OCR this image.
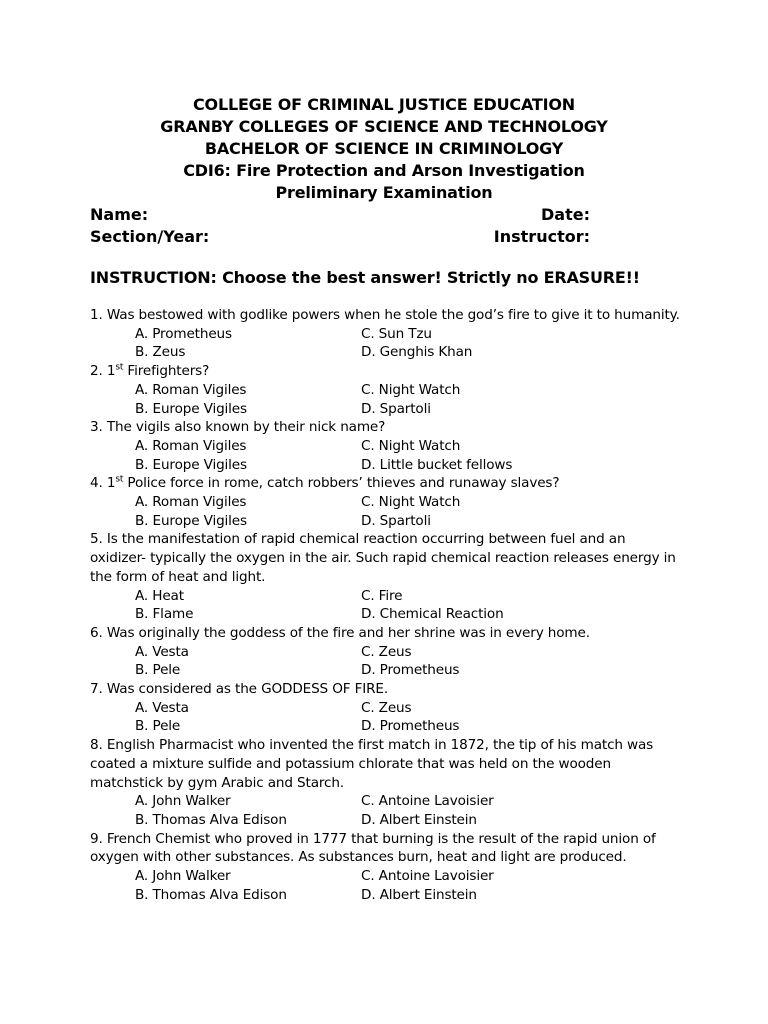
COLLEGE OF CRIMINAL JUSTICE EDUCATION
GRANBY COLLEGES OF SCIENCE AND TECHNOLOGY
BACHELOR OF SCIENCE IN CRIMINOLOGY
CDI6: Fire Protection and Arson Investigation
Preliminary Examination
Name:	Date:
Section/Year:	Instructor:
INSTRUCTION: Choose the best answer! Strictly no ERASURE!!

1. Was bestowed with godlike powers when he stole the god’s fire to give it to humanity.

A. Prometheus	C. Sun Tzu
B. Zeus	D. Genghis Khan

2. 1st Firefighters?

A. Roman Vigiles	C. Night Watch
B. Europe Vigiles	D. Spartoli

3. The vigils also known by their nick name?

A. Roman Vigiles	C. Night Watch
B. Europe Vigiles	D. Little bucket fellows

4. 1st Police force in rome, catch robbers’ thieves and runaway slaves?

A. Roman Vigiles	C. Night Watch
B. Europe Vigiles	D. Spartoli

5. Is the manifestation of rapid chemical reaction occurring between fuel and an oxidizer- typically the oxygen in the air. Such rapid chemical reaction releases energy in the form of heat and light.

A. Heat	C. Fire
B. Flame	D. Chemical Reaction

6. Was originally the goddess of the fire and her shrine was in every home.

A. Vesta	C. Zeus
B. Pele	D. Prometheus

7. Was considered as the GODDESS OF FIRE.

A. Vesta	C. Zeus
B. Pele	D. Prometheus

8. English Pharmacist who invented the first match in 1872, the tip of his match was coated a mixture sulfide and potassium chlorate that was held on the wooden matchstick by gym Arabic and Starch.

A. John Walker	C. Antoine Lavoisier
B. Thomas Alva Edison	D. Albert Einstein

9. French Chemist who proved in 1777 that burning is the result of the rapid union of oxygen with other substances. As substances burn, heat and light are produced.

A. John Walker	C. Antoine Lavoisier
B. Thomas Alva Edison	D. Albert Einstein
